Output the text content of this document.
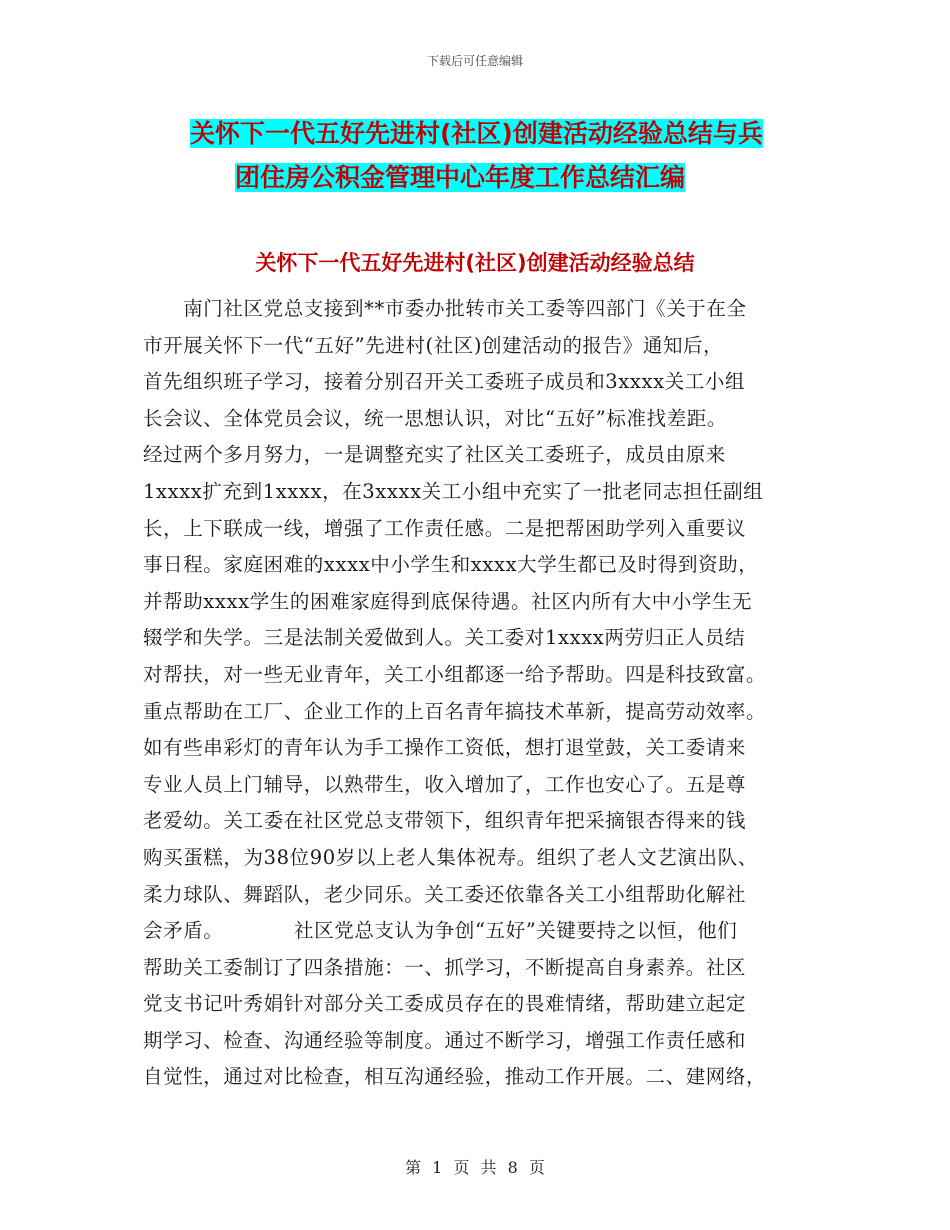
下载后可任意编辑
关怀下一代五好先进村(社区)创建活动经验总结与兵
团住房公积金管理中心年度工作总结汇编
关怀下一代五好先进村(社区)创建活动经验总结
　　南门社区党总支接到**市委办批转市关工委等四部门《关于在全
市开展关怀下一代“五好”先进村(社区)创建活动的报告》通知后，
首先组织班子学习，接着分别召开关工委班子成员和3xxxx关工小组
长会议、全体党员会议，统一思想认识，对比“五好”标准找差距。
经过两个多月努力，一是调整充实了社区关工委班子，成员由原来
1xxxx扩充到1xxxx，在3xxxx关工小组中充实了一批老同志担任副组
长，上下联成一线，增强了工作责任感。二是把帮困助学列入重要议
事日程。家庭困难的xxxx中小学生和xxxx大学生都已及时得到资助，
并帮助xxxx学生的困难家庭得到底保待遇。社区内所有大中小学生无
辍学和失学。三是法制关爱做到人。关工委对1xxxx两劳归正人员结
对帮扶，对一些无业青年，关工小组都逐一给予帮助。四是科技致富。
重点帮助在工厂、企业工作的上百名青年搞技术革新，提高劳动效率。
如有些串彩灯的青年认为手工操作工资低，想打退堂鼓，关工委请来
专业人员上门辅导，以熟带生，收入增加了，工作也安心了。五是尊
老爱幼。关工委在社区党总支带领下，组织青年把采摘银杏得来的钱
购买蛋糕，为38位90岁以上老人集体祝寿。组织了老人文艺演出队、
柔力球队、舞蹈队，老少同乐。关工委还依靠各关工小组帮助化解社
会矛盾。　　　　社区党总支认为争创“五好”关键要持之以恒，他们
帮助关工委制订了四条措施：一、抓学习，不断提高自身素养。社区
党支书记叶秀娟针对部分关工委成员存在的畏难情绪，帮助建立起定
期学习、检查、沟通经验等制度。通过不断学习，增强工作责任感和
自觉性，通过对比检查，相互沟通经验，推动工作开展。二、建网络，
第 1 页 共 8 页
